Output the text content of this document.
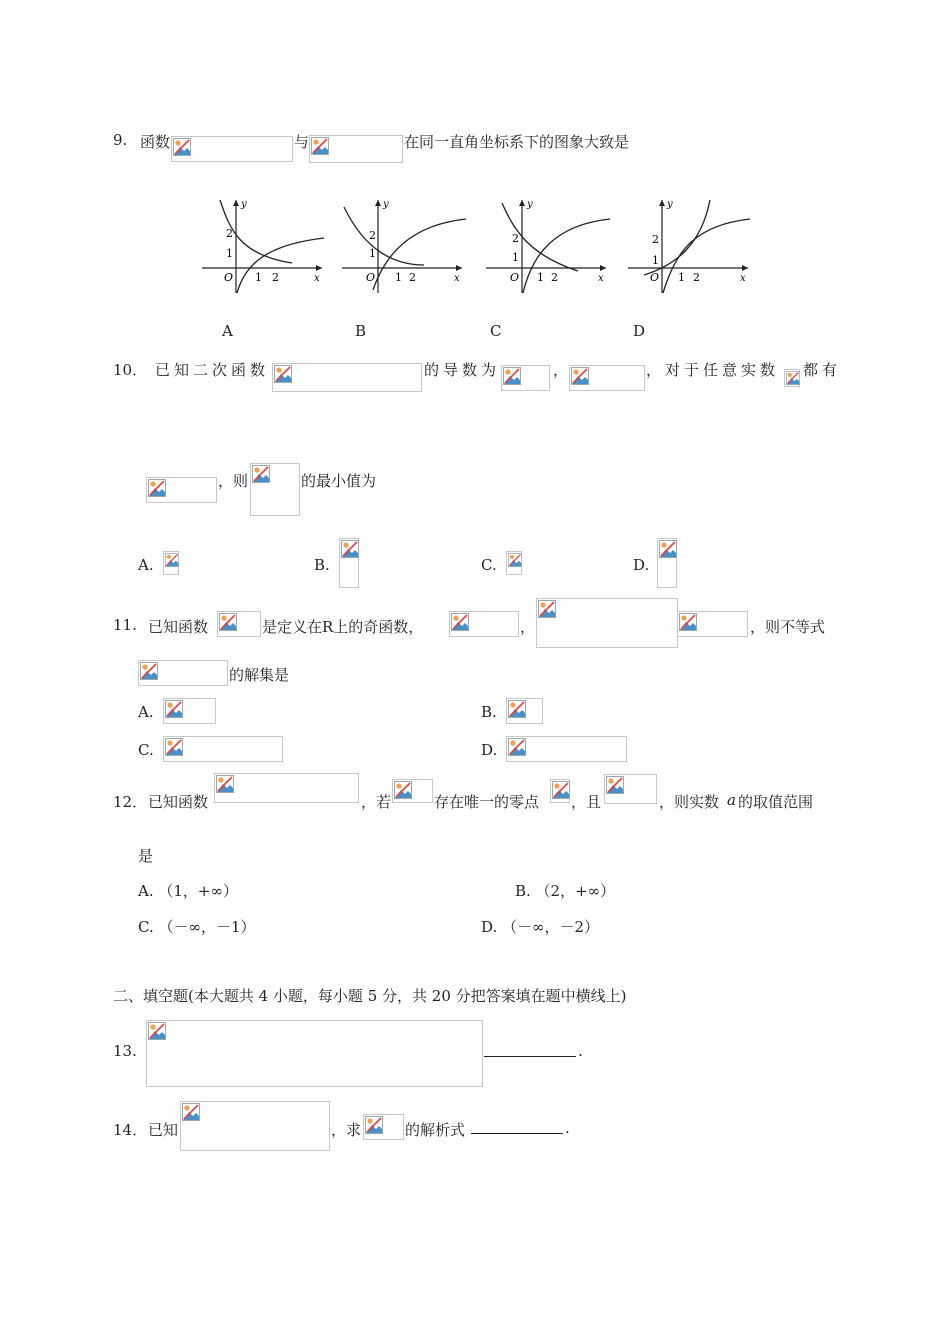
9. 函数	与	在同一直角坐标系下的图象大致是
y
x
O 1 2
2
1
y
x
O 1 2
2
1
y
x
O 1 2
2
1
y
x
O 1 2
2
1
A	B	C	D
10． 已知二次函数	的导数为	，	，对于任意实数 都有
，则	的最小值为
A.	B.	C.	D.
11. 已知函数	是定义在R上的奇函数，	，	，则不等式
的解集是
A.	B.
C.	D.
12． 已知函数	，若	存在唯一的零点 ，且	，则实数 a 的取值范围
是
A. （1，+∞）	B. （2，+∞）
C. （－∞，－1）	D. （－∞，－2）
二、填空题(本大题共 4 小题，每小题 5 分，共 20 分把答案填在题中横线上)
13.	.
14． 已知	，求	的解析式	.
